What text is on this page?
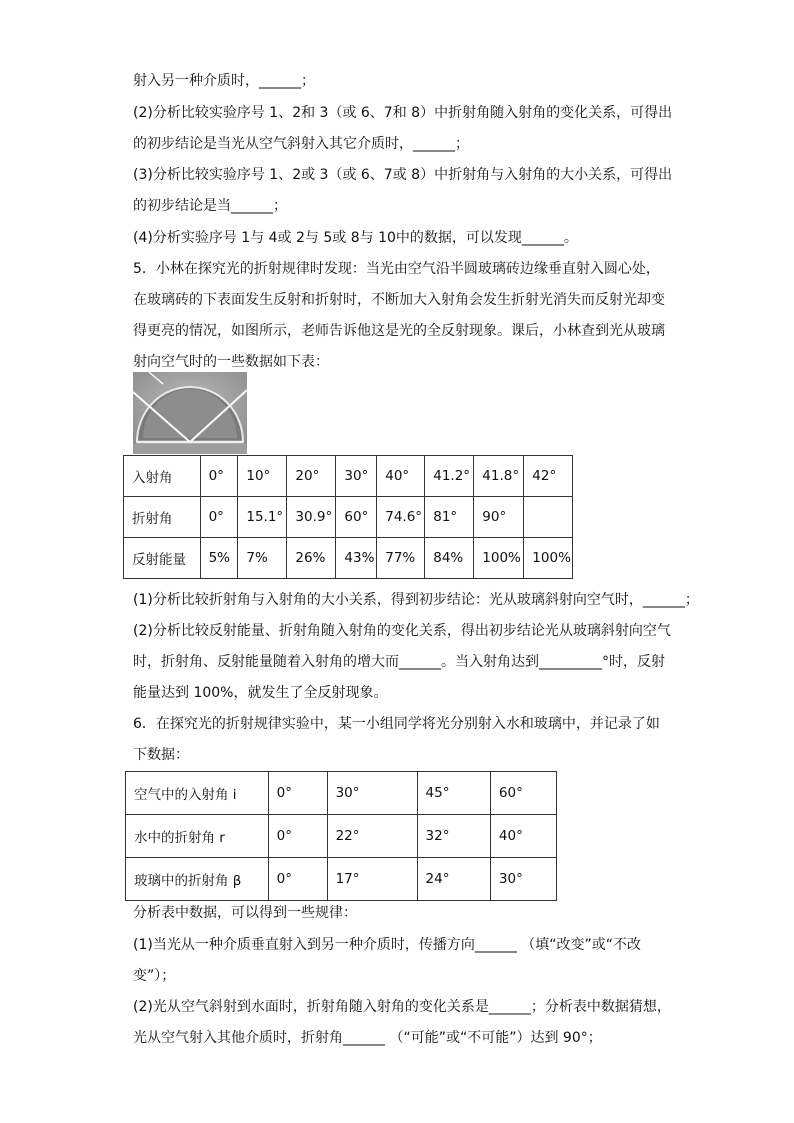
射入另一种介质时，______；
(2)分析比较实验序号 1、2和 3（或 6、7和 8）中折射角随入射角的变化关系，可得出
的初步结论是当光从空气斜射入其它介质时，______；
(3)分析比较实验序号 1、2或 3（或 6、7或 8）中折射角与入射角的大小关系，可得出
的初步结论是当______；
(4)分析实验序号 1与 4或 2与 5或 8与 10中的数据，可以发现______。
5．小林在探究光的折射规律时发现：当光由空气沿半圆玻璃砖边缘垂直射入圆心处，
在玻璃砖的下表面发生反射和折射时，不断加大入射角会发生折射光消失而反射光却变
得更亮的情况，如图所示，老师告诉他这是光的全反射现象。课后，小林查到光从玻璃
射向空气时的一些数据如下表：
入射角	0°	10°	20°	30°	40°	41.2°	41.8°	42°
折射角	0°	15.1°	30.9°	60°	74.6°	81°	90°	
反射能量	5%	7%	26%	43%	77%	84%	100%	100%
(1)分析比较折射角与入射角的大小关系，得到初步结论：光从玻璃斜射向空气时，______；
(2)分析比较反射能量、折射角随入射角的变化关系，得出初步结论光从玻璃斜射向空气
时，折射角、反射能量随着入射角的增大而______。当入射角达到_________°时，反射
能量达到 100%，就发生了全反射现象。
6．在探究光的折射规律实验中，某一小组同学将光分别射入水和玻璃中，并记录了如
下数据：
空气中的入射角 i	0°	30°	45°	60°
水中的折射角 r	0°	22°	32°	40°
玻璃中的折射角 β	0°	17°	24°	30°
分析表中数据，可以得到一些规律：
(1)当光从一种介质垂直射入到另一种介质时，传播方向______ （填“改变”或“不改
变”）；
(2)光从空气斜射到水面时，折射角随入射角的变化关系是______；分析表中数据猜想，
光从空气射入其他介质时，折射角______ （“可能”或“不可能”）达到 90°；
